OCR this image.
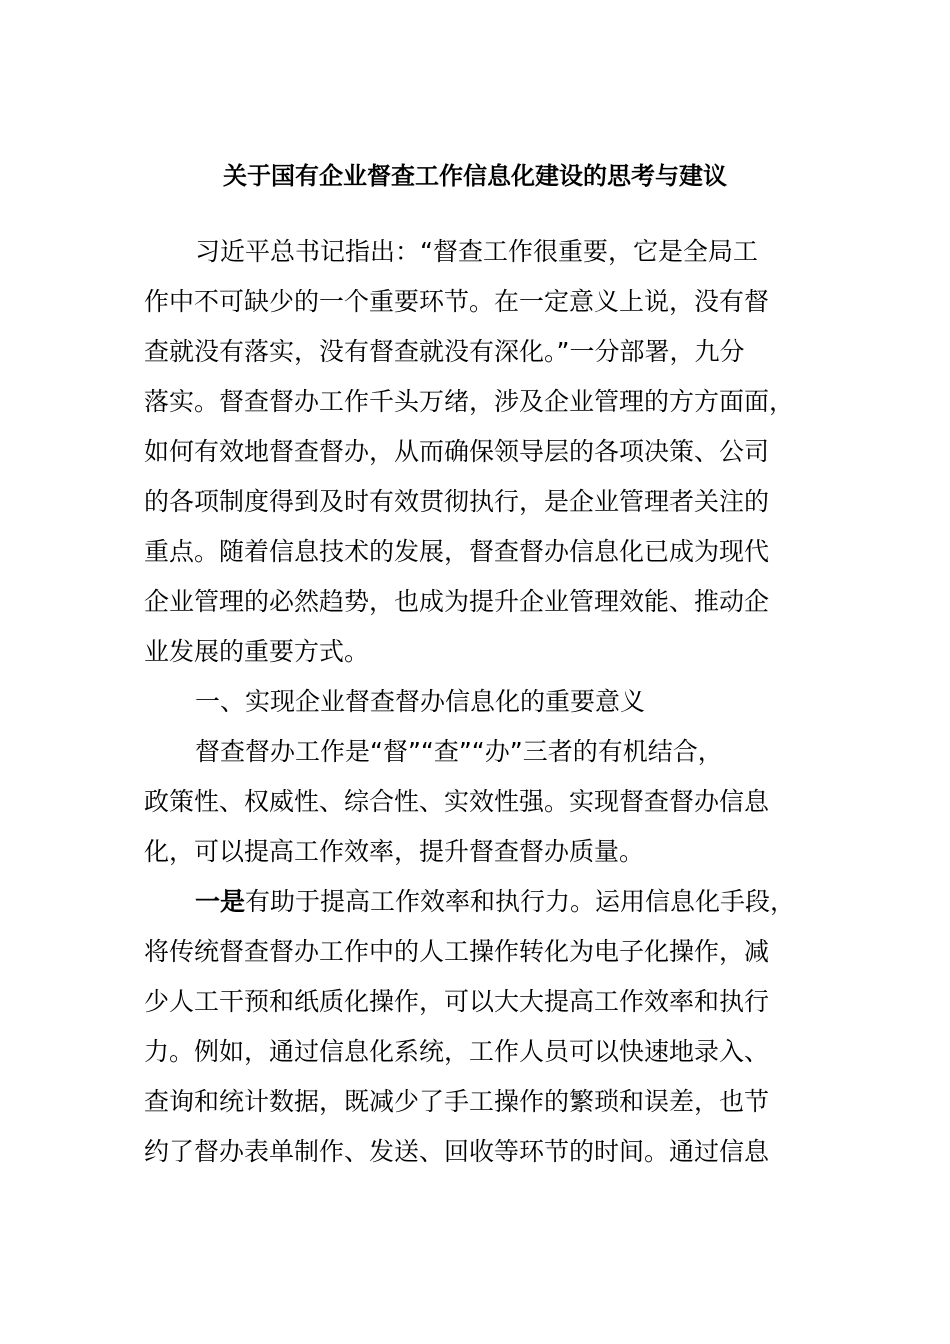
关于国有企业督查工作信息化建设的思考与建议
习近平总书记指出：“督查工作很重要，它是全局工
作中不可缺少的一个重要环节。在一定意义上说，没有督
查就没有落实，没有督查就没有深化。”一分部署，九分
落实。督查督办工作千头万绪，涉及企业管理的方方面面，
如何有效地督查督办，从而确保领导层的各项决策、公司
的各项制度得到及时有效贯彻执行，是企业管理者关注的
重点。随着信息技术的发展，督查督办信息化已成为现代
企业管理的必然趋势，也成为提升企业管理效能、推动企
业发展的重要方式。
一、实现企业督查督办信息化的重要意义
督查督办工作是“督”“查”“办”三者的有机结合，
政策性、权威性、综合性、实效性强。实现督查督办信息
化，可以提高工作效率，提升督查督办质量。
一是有助于提高工作效率和执行力。运用信息化手段，
将传统督查督办工作中的人工操作转化为电子化操作，减
少人工干预和纸质化操作，可以大大提高工作效率和执行
力。例如，通过信息化系统，工作人员可以快速地录入、
查询和统计数据，既减少了手工操作的繁琐和误差，也节
约了督办表单制作、发送、回收等环节的时间。通过信息
